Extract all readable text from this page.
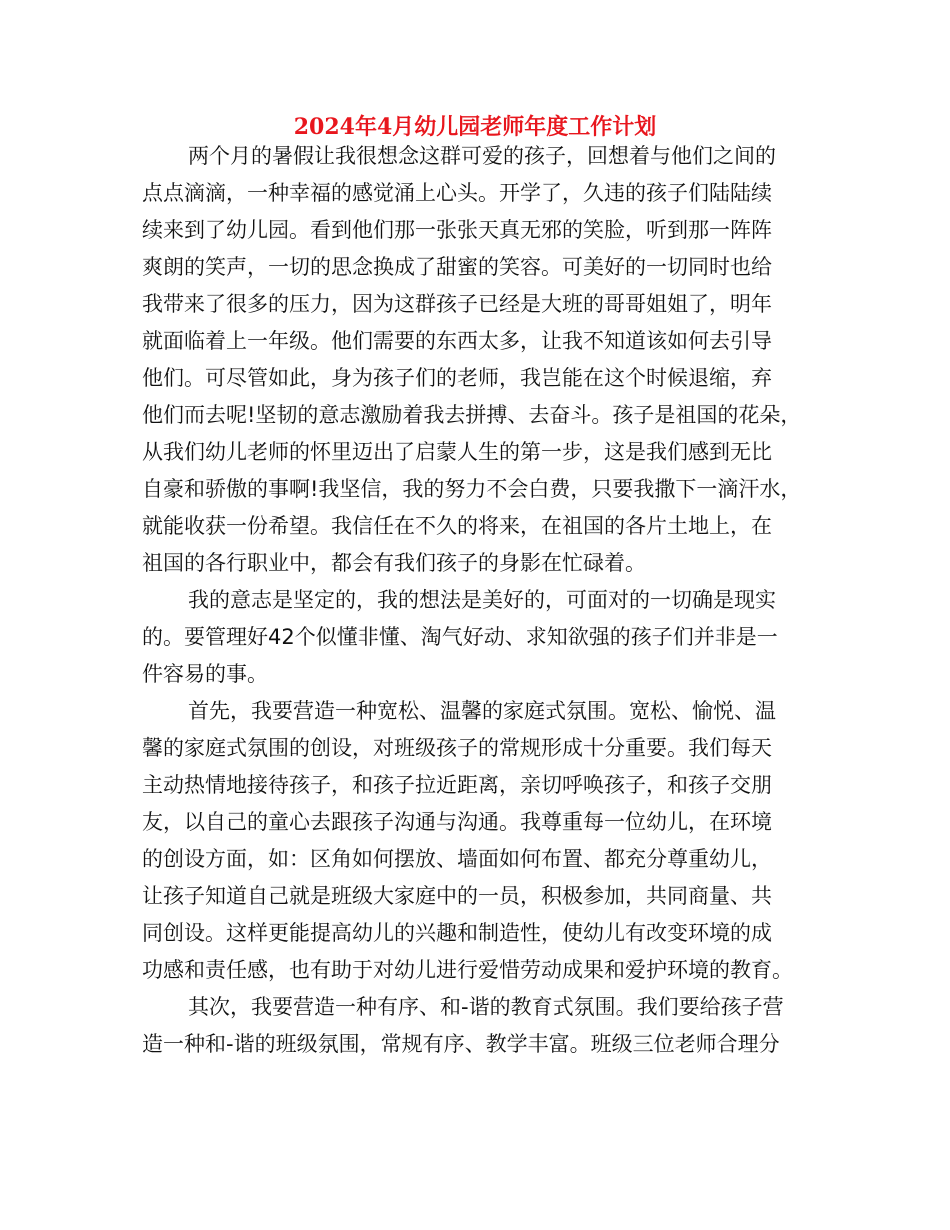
2024年4月幼儿园老师年度工作计划
两个月的暑假让我很想念这群可爱的孩子，回想着与他们之间的
点点滴滴，一种幸福的感觉涌上心头。开学了，久违的孩子们陆陆续
续来到了幼儿园。看到他们那一张张天真无邪的笑脸，听到那一阵阵
爽朗的笑声，一切的思念换成了甜蜜的笑容。可美好的一切同时也给
我带来了很多的压力，因为这群孩子已经是大班的哥哥姐姐了，明年
就面临着上一年级。他们需要的东西太多，让我不知道该如何去引导
他们。可尽管如此，身为孩子们的老师，我岂能在这个时候退缩，弃
他们而去呢!坚韧的意志激励着我去拼搏、去奋斗。孩子是祖国的花朵，
从我们幼儿老师的怀里迈出了启蒙人生的第一步，这是我们感到无比
自豪和骄傲的事啊!我坚信，我的努力不会白费，只要我撒下一滴汗水，
就能收获一份希望。我信任在不久的将来，在祖国的各片土地上，在
祖国的各行职业中，都会有我们孩子的身影在忙碌着。
我的意志是坚定的，我的想法是美好的，可面对的一切确是现实
的。要管理好42个似懂非懂、淘气好动、求知欲强的孩子们并非是一
件容易的事。
首先，我要营造一种宽松、温馨的家庭式氛围。宽松、愉悦、温
馨的家庭式氛围的创设，对班级孩子的常规形成十分重要。我们每天
主动热情地接待孩子，和孩子拉近距离，亲切呼唤孩子，和孩子交朋
友，以自己的童心去跟孩子沟通与沟通。我尊重每一位幼儿，在环境
的创设方面，如：区角如何摆放、墙面如何布置、都充分尊重幼儿，
让孩子知道自己就是班级大家庭中的一员，积极参加，共同商量、共
同创设。这样更能提高幼儿的兴趣和制造性，使幼儿有改变环境的成
功感和责任感，也有助于对幼儿进行爱惜劳动成果和爱护环境的教育。
其次，我要营造一种有序、和-谐的教育式氛围。我们要给孩子营
造一种和-谐的班级氛围，常规有序、教学丰富。班级三位老师合理分
